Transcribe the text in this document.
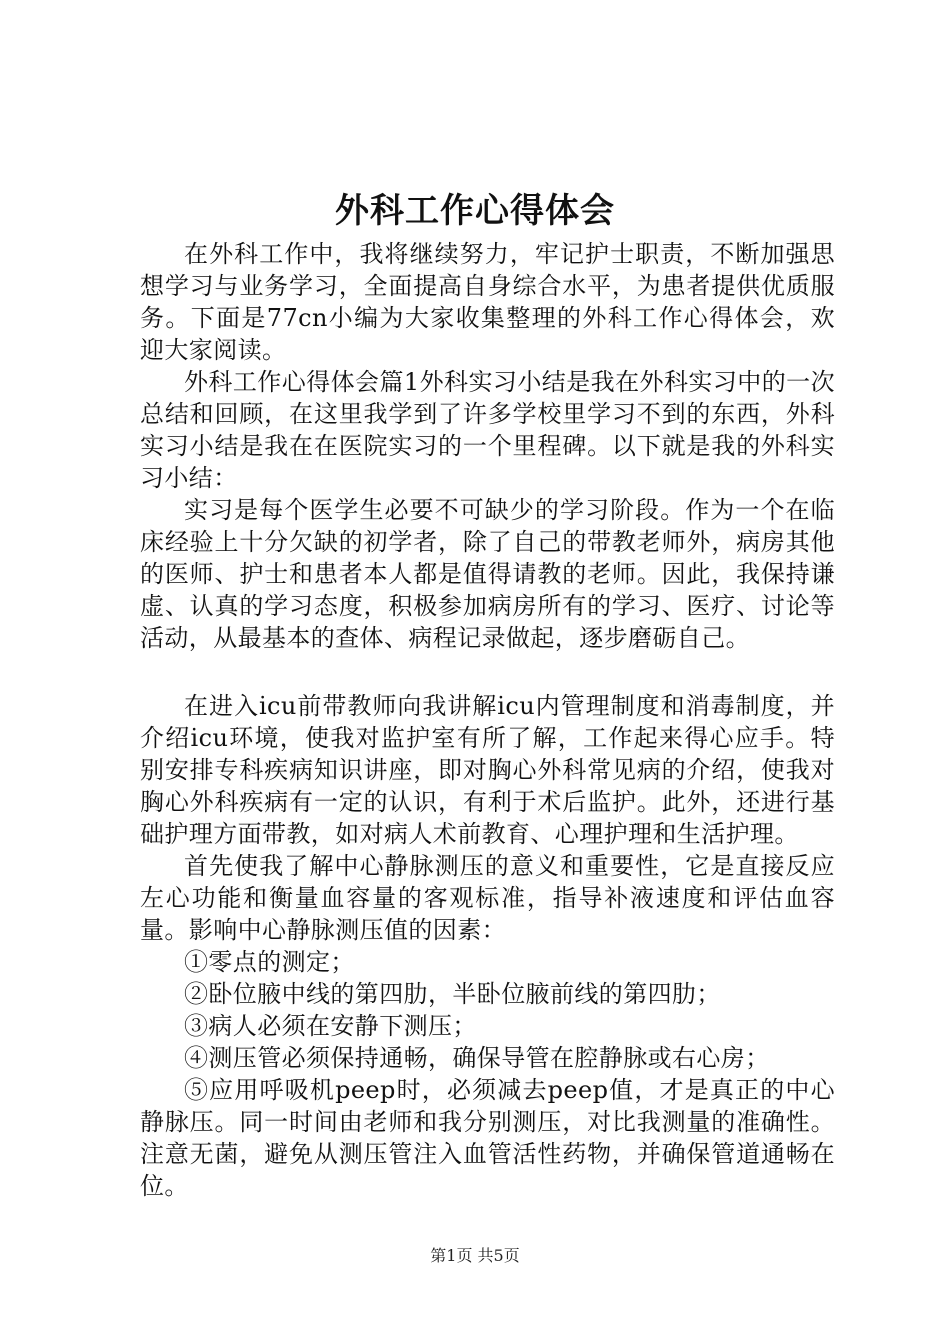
外科工作心得体会

在外科工作中，我将继续努力，牢记护士职责，不断加强思想学习与业务学习，全面提高自身综合水平，为患者提供优质服务。下面是77cn小编为大家收集整理的外科工作心得体会，欢迎大家阅读。

外科工作心得体会篇1外科实习小结是我在外科实习中的一次总结和回顾，在这里我学到了许多学校里学习不到的东西，外科实习小结是我在在医院实习的一个里程碑。以下就是我的外科实习小结：

实习是每个医学生必要不可缺少的学习阶段。作为一个在临床经验上十分欠缺的初学者，除了自己的带教老师外，病房其他的医师、护士和患者本人都是值得请教的老师。因此，我保持谦虚、认真的学习态度，积极参加病房所有的学习、医疗、讨论等活动，从最基本的查体、病程记录做起，逐步磨砺自己。

在进入icu前带教师向我讲解icu内管理制度和消毒制度，并介绍icu环境，使我对监护室有所了解，工作起来得心应手。特别安排专科疾病知识讲座，即对胸心外科常见病的介绍，使我对胸心外科疾病有一定的认识，有利于术后监护。此外，还进行基础护理方面带教，如对病人术前教育、心理护理和生活护理。

首先使我了解中心静脉测压的意义和重要性，它是直接反应左心功能和衡量血容量的客观标准，指导补液速度和评估血容量。影响中心静脉测压值的因素：

①零点的测定；

②卧位腋中线的第四肋，半卧位腋前线的第四肋；

③病人必须在安静下测压；

④测压管必须保持通畅，确保导管在腔静脉或右心房；

⑤应用呼吸机peep时，必须减去peep值，才是真正的中心静脉压。同一时间由老师和我分别测压，对比我测量的准确性。注意无菌，避免从测压管注入血管活性药物，并确保管道通畅在位。

第1页 共5页
